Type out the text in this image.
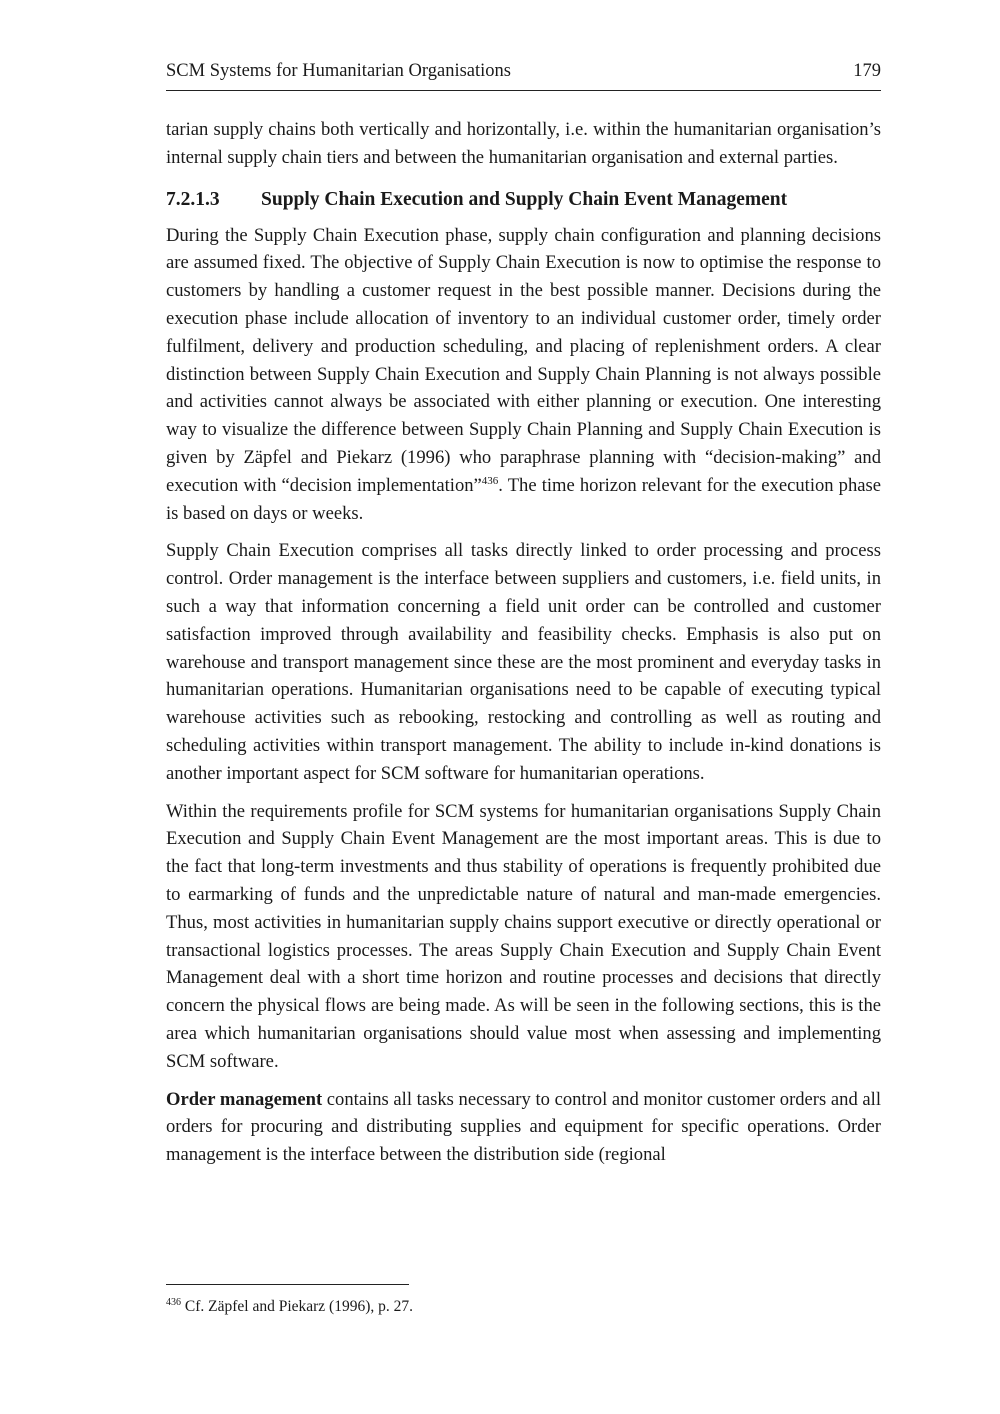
SCM Systems for Humanitarian Organisations	179

tarian supply chains both vertically and horizontally, i.e. within the humanitarian organisation’s internal supply chain tiers and between the humanitarian organisation and external parties.

7.2.1.3	Supply Chain Execution and Supply Chain Event Management

During the Supply Chain Execution phase, supply chain configuration and planning decisions are assumed fixed. The objective of Supply Chain Execution is now to optimise the response to customers by handling a customer request in the best possible manner. Decisions during the execution phase include allocation of inventory to an individual customer order, timely order fulfilment, delivery and production scheduling, and placing of replenishment orders. A clear distinction between Supply Chain Execution and Supply Chain Planning is not always possible and activities cannot always be associated with either planning or execution. One interesting way to visualize the difference between Supply Chain Planning and Supply Chain Execution is given by Zäpfel and Piekarz (1996) who paraphrase planning with “decision-making” and execution with “decision implementation”$^{436}$. The time horizon relevant for the execution phase is based on days or weeks.

Supply Chain Execution comprises all tasks directly linked to order processing and process control. Order management is the interface between suppliers and customers, i.e. field units, in such a way that information concerning a field unit order can be controlled and customer satisfaction improved through availability and feasibility checks. Emphasis is also put on warehouse and transport management since these are the most prominent and everyday tasks in humanitarian operations. Humanitarian organisations need to be capable of executing typical warehouse activities such as rebooking, restocking and controlling as well as routing and scheduling activities within transport management. The ability to include in-kind donations is another important aspect for SCM software for humanitarian operations.

Within the requirements profile for SCM systems for humanitarian organisations Supply Chain Execution and Supply Chain Event Management are the most important areas. This is due to the fact that long-term investments and thus stability of operations is frequently prohibited due to earmarking of funds and the unpredictable nature of natural and man-made emergencies. Thus, most activities in humanitarian supply chains support executive or directly operational or transactional logistics processes. The areas Supply Chain Execution and Supply Chain Event Management deal with a short time horizon and routine processes and decisions that directly concern the physical flows are being made. As will be seen in the following sections, this is the area which humanitarian organisations should value most when assessing and implementing SCM software.

Order management contains all tasks necessary to control and monitor customer orders and all orders for procuring and distributing supplies and equipment for specific operations. Order management is the interface between the distribution side (regional

$^{436}$ Cf. Zäpfel and Piekarz (1996), p. 27.
